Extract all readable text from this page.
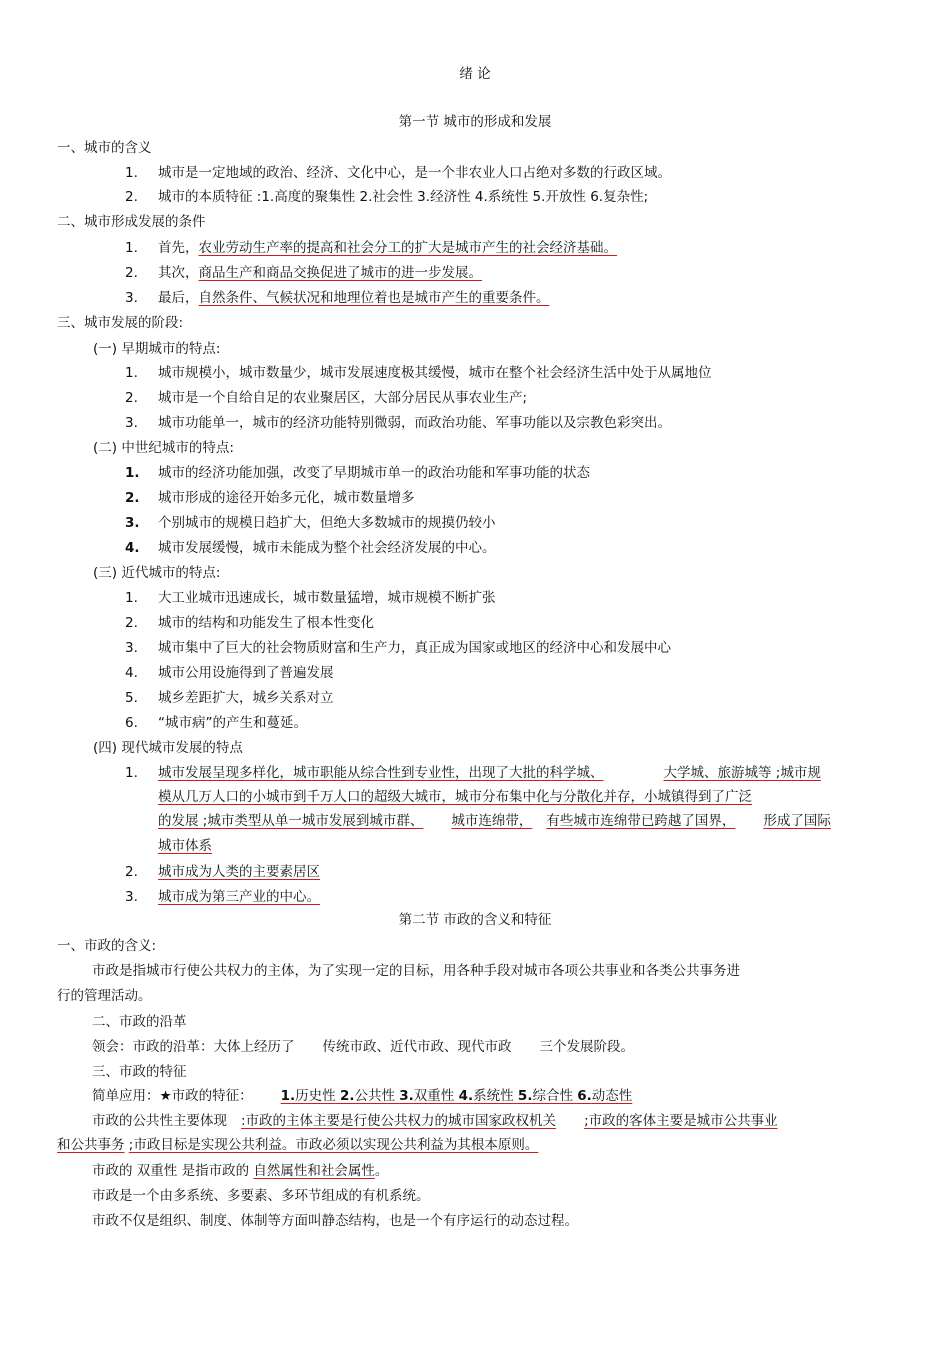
绪 论
第一节 城市的形成和发展
一、城市的含义
1. 城市是一定地域的政治、经济、文化中心，是一个非农业人口占绝对多数的行政区域。
2. 城市的本质特征 :1.高度的聚集性 2.社会性 3.经济性 4.系统性 5.开放性 6.复杂性;
二、城市形成发展的条件
1. 首先，农业劳动生产率的提高和社会分工的扩大是城市产生的社会经济基础。
2. 其次，商品生产和商品交换促进了城市的进一步发展。
3. 最后，自然条件、气候状况和地理位着也是城市产生的重要条件。
三、城市发展的阶段:
(一) 早期城市的特点:
1. 城市规模小，城市数量少，城市发展速度极其缓慢，城市在整个社会经济生活中处于从属地位
2. 城市是一个自给自足的农业聚居区，大部分居民从事农业生产;
3. 城市功能单一，城市的经济功能特别微弱，而政治功能、军事功能以及宗教色彩突出。
(二) 中世纪城市的特点:
1. 城市的经济功能加强，改变了早期城市单一的政治功能和军事功能的状态
2. 城市形成的途径开始多元化，城市数量增多
3. 个别城市的规模日趋扩大，但绝大多数城市的规摸仍较小
4. 城市发展缓慢，城市未能成为整个社会经济发展的中心。
(三) 近代城市的特点:
1. 大工业城市迅速成长，城市数量猛增，城市规模不断扩张
2. 城市的结构和功能发生了根本性变化
3. 城市集中了巨大的社会物质财富和生产力，真正成为国家或地区的经济中心和发展中心
4. 城市公用设施得到了普遍发展
5. 城乡差距扩大，城乡关系对立
6. “城市病”的产生和蔓延。
(四) 现代城市发展的特点
1. 城市发展呈现多样化，城市职能从综合性到专业性，出现了大批的科学城、	大学城、旅游城等 ;城市规
模从几万人口的小城市到千万人口的超级大城市，城市分布集中化与分散化并存，小城镇得到了广泛
的发展 ;城市类型从单一城市发展到城市群、 城市连绵带， 有些城市连绵带已跨越了国界， 形成了国际
城市体系
2. 城市成为人类的主要素居区
3. 城市成为第三产业的中心。
第二节 市政的含义和特征
一、市政的含义:
市政是指城市行使公共权力的主体，为了实现一定的目标，用各种手段对城市各项公共事业和各类公共事务进
行的管理活动。
二、市政的沿革
领会：市政的沿革：大体上经历了 传统市政、近代市政、现代市政 三个发展阶段。
三、市政的特征
简单应用：★市政的特征： 1.历史性 2.公共性 3.双重性 4.系统性 5.综合性 6.动态性
市政的公共性主要体现 :市政的主体主要是行使公共权力的城市国家政权机关 ;市政的客体主要是城市公共事业
和公共事务 ;市政目标是实现公共利益。市政必须以实现公共利益为其根本原则。
市政的 双重性 是指市政的 自然属性和社会属性。
市政是一个由多系统、多要素、多环节组成的有机系统。
市政不仅是组织、制度、体制等方面叫静态结构，也是一个有序运行的动态过程。
